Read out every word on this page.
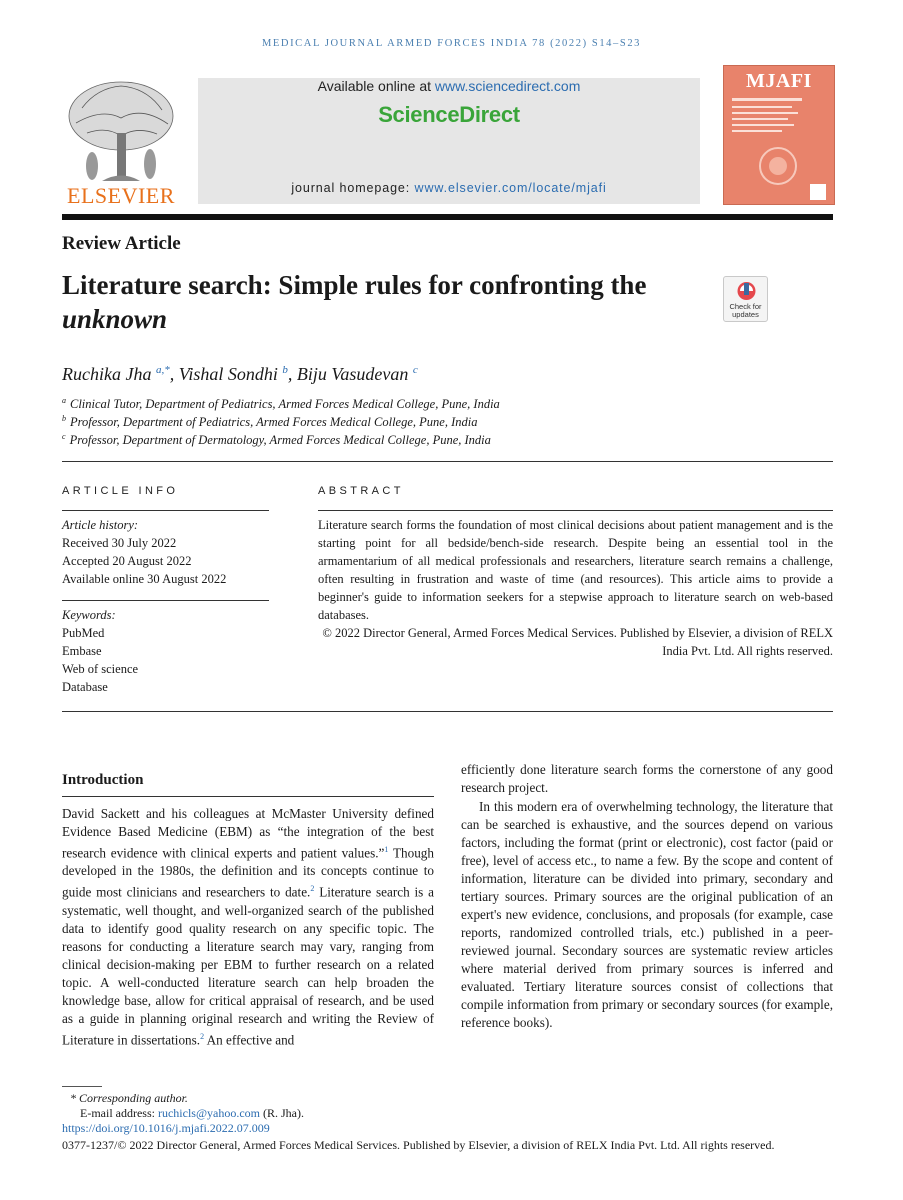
MEDICAL JOURNAL ARMED FORCES INDIA 78 (2022) S14–S23
ELSEVIER
Available online at www.sciencedirect.com
ScienceDirect
journal homepage: www.elsevier.com/locate/mjafi
MJAFI
Review Article
Literature search: Simple rules for confronting the
unknown	Check for updates
Ruchika Jha $^{a,*}$, Vishal Sondhi $^b$, Biju Vasudevan $^c$
$^a$ Clinical Tutor, Department of Pediatrics, Armed Forces Medical College, Pune, India
$^b$ Professor, Department of Pediatrics, Armed Forces Medical College, Pune, India
$^c$ Professor, Department of Dermatology, Armed Forces Medical College, Pune, India
ARTICLE INFO
Article history:
Received 30 July 2022
Accepted 20 August 2022
Available online 30 August 2022
Keywords:
PubMed
Embase
Web of science
Database
ABSTRACT
Literature search forms the foundation of most clinical decisions about patient management and is the starting point for all bedside/bench-side research. Despite being an essential tool in the armamentarium of all medical professionals and researchers, literature search remains a challenge, often resulting in frustration and waste of time (and resources). This article aims to provide a beginner's guide to information seekers for a stepwise approach to literature search on web-based databases.
© 2022 Director General, Armed Forces Medical Services. Published by Elsevier, a division of RELX India Pvt. Ltd. All rights reserved.
Introduction
David Sackett and his colleagues at McMaster University defined Evidence Based Medicine (EBM) as “the integration of the best research evidence with clinical experts and patient values.”$^1$ Though developed in the 1980s, the definition and its concepts continue to guide most clinicians and researchers to date.$^2$ Literature search is a systematic, well thought, and well-organized search of the published data to identify good quality research on any specific topic. The reasons for conducting a literature search may vary, ranging from clinical decision-making per EBM to further research on a related topic. A well-conducted literature search can help broaden the knowledge base, allow for critical appraisal of research, and be used as a guide in planning original research and writing the Review of Literature in dissertations.$^2$ An effective and

efficiently done literature search forms the cornerstone of any good research project.

In this modern era of overwhelming technology, the literature that can be searched is exhaustive, and the sources depend on various factors, including the format (print or electronic), cost factor (paid or free), level of access etc., to name a few. By the scope and content of information, literature can be divided into primary, secondary and tertiary sources. Primary sources are the original publication of an expert's new evidence, conclusions, and proposals (for example, case reports, randomized controlled trials, etc.) published in a peer-reviewed journal. Secondary sources are systematic review articles where material derived from primary sources is inferred and evaluated. Tertiary literature sources consist of collections that compile information from primary or secondary sources (for example, reference books).

* Corresponding author.
E-mail address: ruchicls@yahoo.com (R. Jha).
https://doi.org/10.1016/j.mjafi.2022.07.009
0377-1237/© 2022 Director General, Armed Forces Medical Services. Published by Elsevier, a division of RELX India Pvt. Ltd. All rights reserved.
